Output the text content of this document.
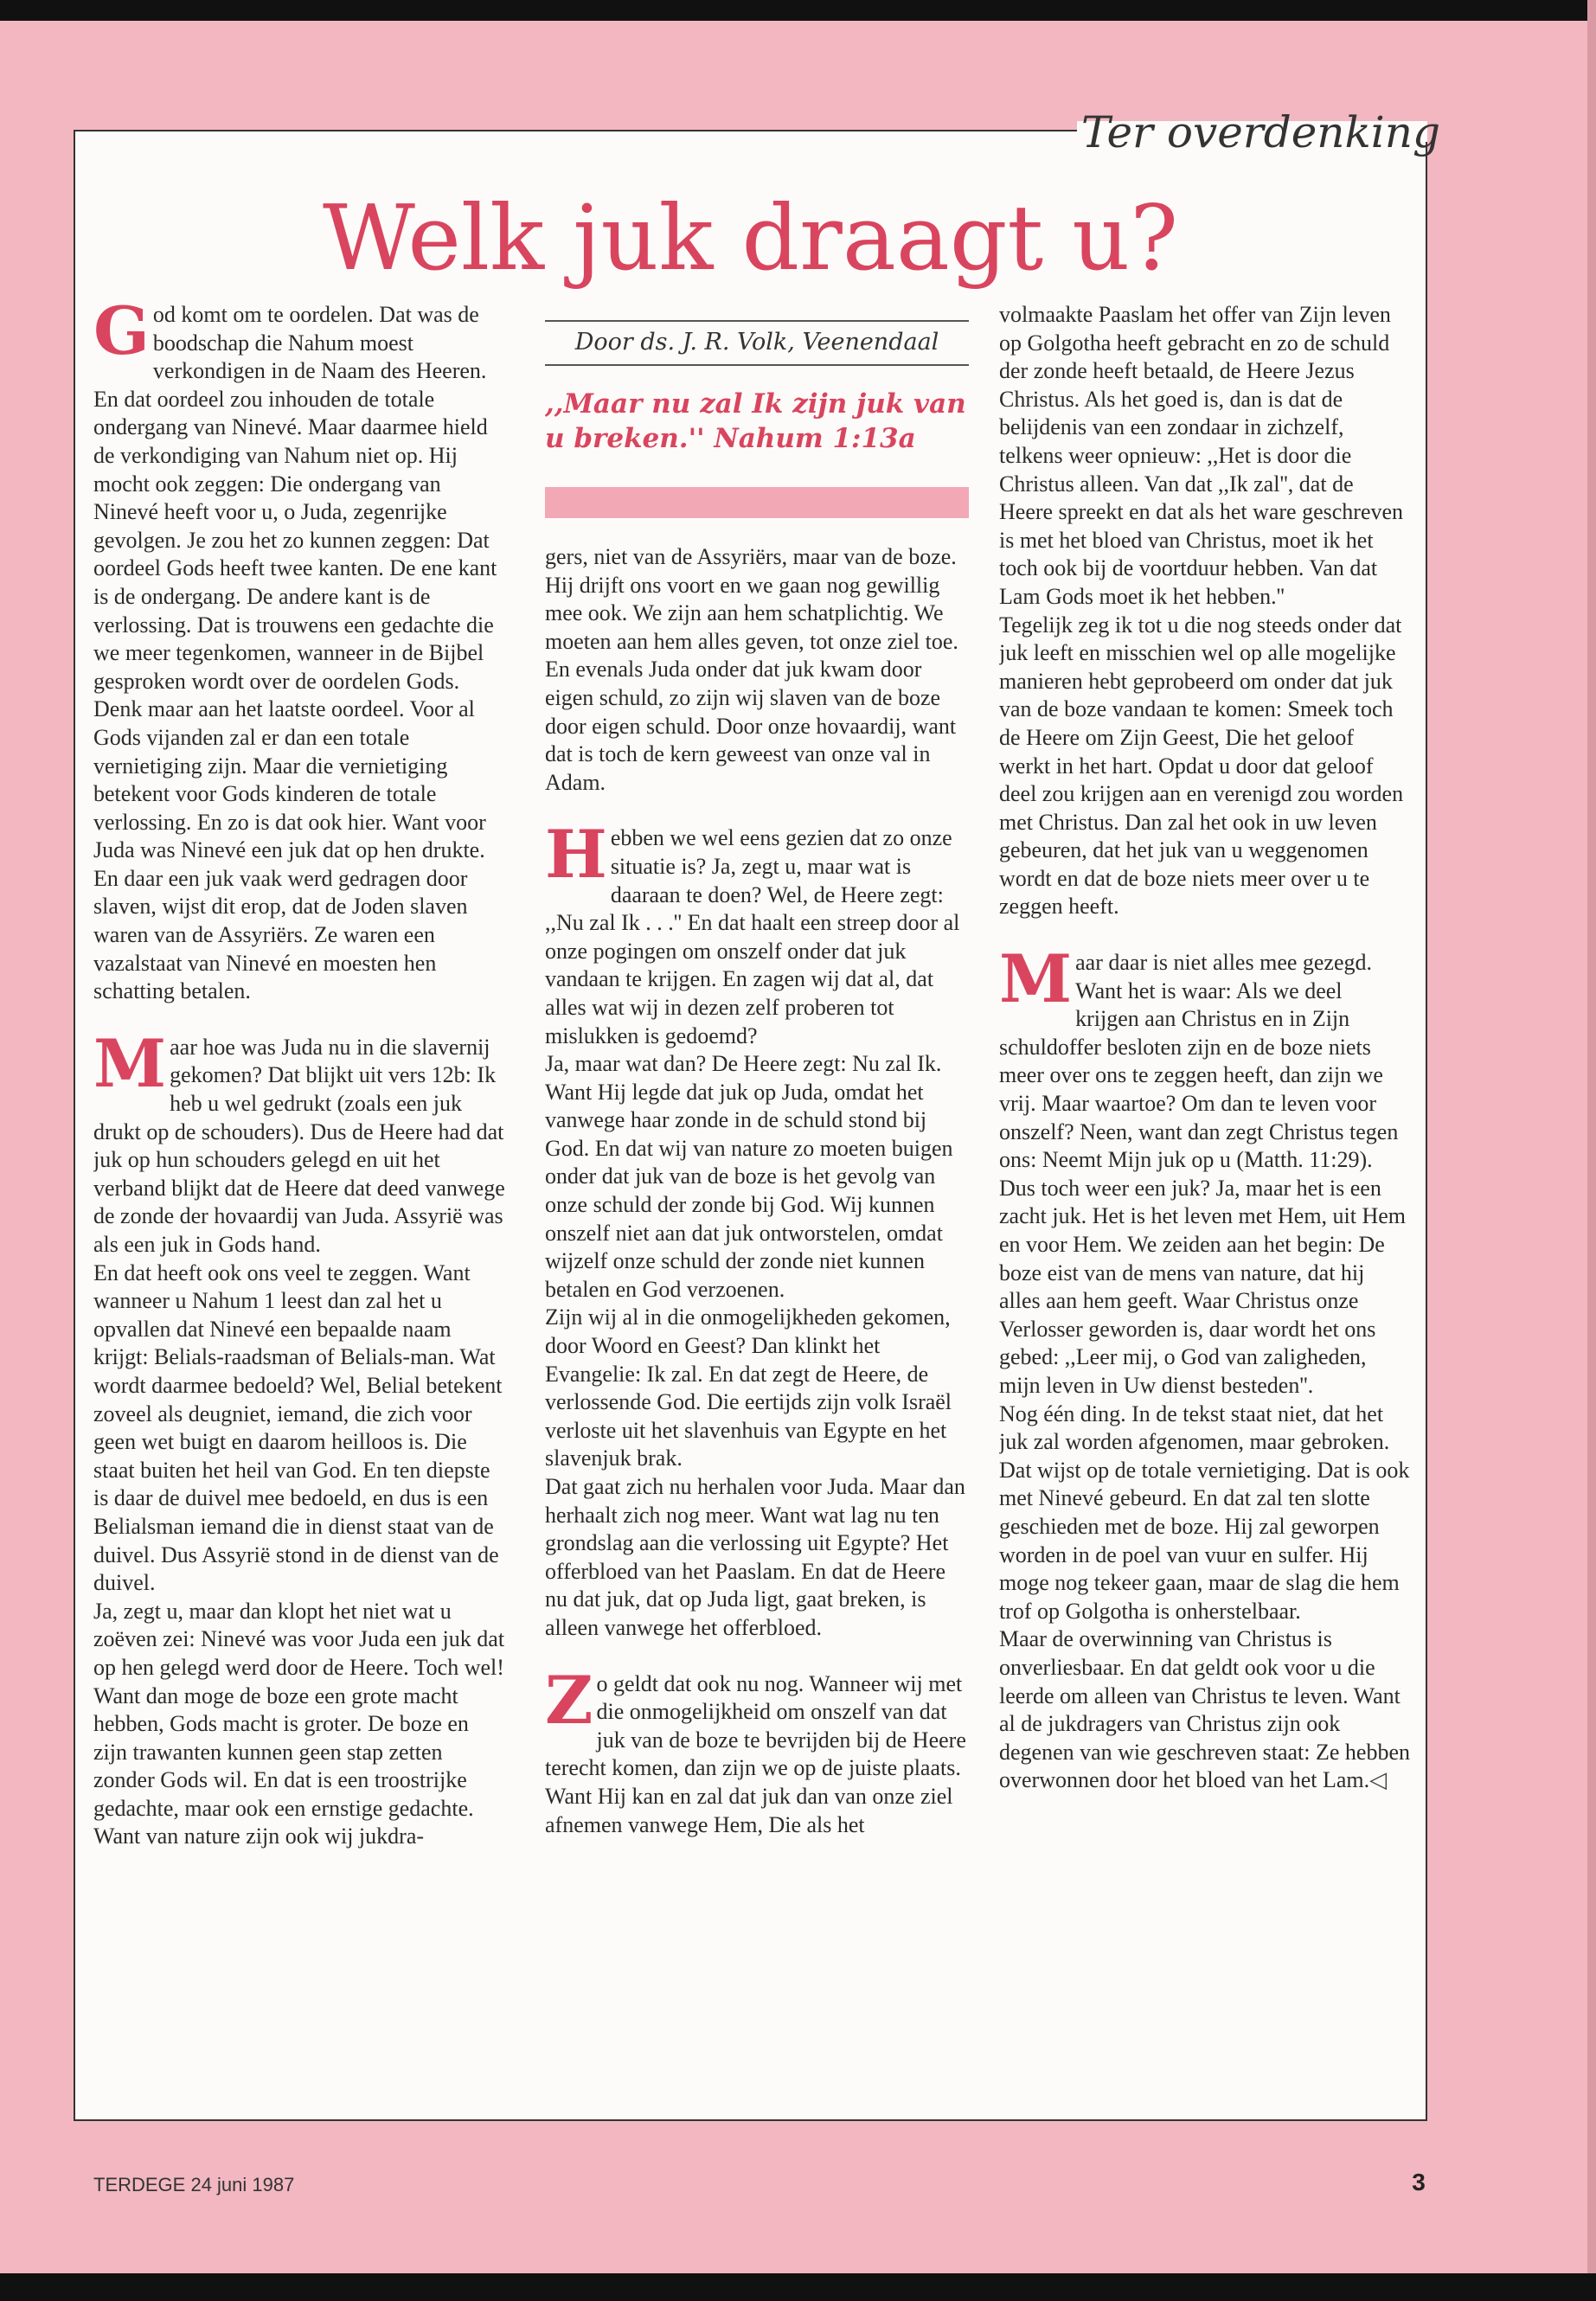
Ter overdenking
Welk juk draagt u?

God komt om te oordelen. Dat was de boodschap die Nahum moest verkondigen in de Naam des Heeren. En dat oordeel zou inhouden de totale ondergang van Ninevé. Maar daarmee hield de verkondiging van Nahum niet op. Hij mocht ook zeggen: Die ondergang van Ninevé heeft voor u, o Juda, zegenrijke gevolgen. Je zou het zo kunnen zeggen: Dat oordeel Gods heeft twee kanten. De ene kant is de ondergang. De andere kant is de verlossing. Dat is trouwens een gedachte die we meer tegenkomen, wanneer in de Bijbel gesproken wordt over de oordelen Gods.

Denk maar aan het laatste oordeel. Voor al Gods vijanden zal er dan een totale vernietiging zijn. Maar die vernietiging betekent voor Gods kinderen de totale verlossing. En zo is dat ook hier. Want voor Juda was Ninevé een juk dat op hen drukte. En daar een juk vaak werd gedragen door slaven, wijst dit erop, dat de Joden slaven waren van de Assyriërs. Ze waren een vazalstaat van Ninevé en moesten hen schatting betalen.

Maar hoe was Juda nu in die slavernij gekomen? Dat blijkt uit vers 12b: Ik heb u wel gedrukt (zoals een juk drukt op de schouders). Dus de Heere had dat juk op hun schouders gelegd en uit het verband blijkt dat de Heere dat deed vanwege de zonde der hovaardij van Juda. Assyrië was als een juk in Gods hand.

En dat heeft ook ons veel te zeggen. Want wanneer u Nahum 1 leest dan zal het u opvallen dat Ninevé een bepaalde naam krijgt: Belials-raadsman of Belials-man. Wat wordt daarmee bedoeld? Wel, Belial betekent zoveel als deugniet, iemand, die zich voor geen wet buigt en daarom heilloos is. Die staat buiten het heil van God. En ten diepste is daar de duivel mee bedoeld, en dus is een Belialsman iemand die in dienst staat van de duivel. Dus Assyrië stond in de dienst van de duivel.

Ja, zegt u, maar dan klopt het niet wat u zoëven zei: Ninevé was voor Juda een juk dat op hen gelegd werd door de Heere. Toch wel! Want dan moge de boze een grote macht hebben, Gods macht is groter. De boze en zijn trawanten kunnen geen stap zetten zonder Gods wil. En dat is een troostrijke gedachte, maar ook een ernstige gedachte.

Want van nature zijn ook wij jukdra-

Door ds. J. R. Volk, Veenendaal
,,Maar nu zal Ik zijn juk van u breken.'' Nahum 1:13a

gers, niet van de Assyriërs, maar van de boze. Hij drijft ons voort en we gaan nog gewillig mee ook. We zijn aan hem schatplichtig. We moeten aan hem alles geven, tot onze ziel toe. En evenals Juda onder dat juk kwam door eigen schuld, zo zijn wij slaven van de boze door eigen schuld. Door onze hovaardij, want dat is toch de kern geweest van onze val in Adam.

Hebben we wel eens gezien dat zo onze situatie is? Ja, zegt u, maar wat is daaraan te doen? Wel, de Heere zegt: ,,Nu zal Ik . . .'' En dat haalt een streep door al onze pogingen om onszelf onder dat juk vandaan te krijgen. En zagen wij dat al, dat alles wat wij in dezen zelf proberen tot mislukken is gedoemd?

Ja, maar wat dan? De Heere zegt: Nu zal Ik. Want Hij legde dat juk op Juda, omdat het vanwege haar zonde in de schuld stond bij God. En dat wij van nature zo moeten buigen onder dat juk van de boze is het gevolg van onze schuld der zonde bij God. Wij kunnen onszelf niet aan dat juk ontworstelen, omdat wijzelf onze schuld der zonde niet kunnen betalen en God verzoenen.

Zijn wij al in die onmogelijkheden gekomen, door Woord en Geest? Dan klinkt het Evangelie: Ik zal. En dat zegt de Heere, de verlossende God. Die eertijds zijn volk Israël verloste uit het slavenhuis van Egypte en het slavenjuk brak.

Dat gaat zich nu herhalen voor Juda. Maar dan herhaalt zich nog meer. Want wat lag nu ten grondslag aan die verlossing uit Egypte? Het offerbloed van het Paaslam. En dat de Heere nu dat juk, dat op Juda ligt, gaat breken, is alleen vanwege het offerbloed.

Zo geldt dat ook nu nog. Wanneer wij met die onmogelijkheid om onszelf van dat juk van de boze te bevrijden bij de Heere terecht komen, dan zijn we op de juiste plaats. Want Hij kan en zal dat juk dan van onze ziel afnemen vanwege Hem, Die als het

volmaakte Paaslam het offer van Zijn leven op Golgotha heeft gebracht en zo de schuld der zonde heeft betaald, de Heere Jezus Christus. Als het goed is, dan is dat de belijdenis van een zondaar in zichzelf, telkens weer opnieuw: ,,Het is door die Christus alleen. Van dat ,,Ik zal'', dat de Heere spreekt en dat als het ware geschreven is met het bloed van Christus, moet ik het toch ook bij de voortduur hebben. Van dat Lam Gods moet ik het hebben.''

Tegelijk zeg ik tot u die nog steeds onder dat juk leeft en misschien wel op alle mogelijke manieren hebt geprobeerd om onder dat juk van de boze vandaan te komen: Smeek toch de Heere om Zijn Geest, Die het geloof werkt in het hart. Opdat u door dat geloof deel zou krijgen aan en verenigd zou worden met Christus. Dan zal het ook in uw leven gebeuren, dat het juk van u weggenomen wordt en dat de boze niets meer over u te zeggen heeft.

Maar daar is niet alles mee gezegd. Want het is waar: Als we deel krijgen aan Christus en in Zijn schuldoffer besloten zijn en de boze niets meer over ons te zeggen heeft, dan zijn we vrij. Maar waartoe? Om dan te leven voor onszelf? Neen, want dan zegt Christus tegen ons: Neemt Mijn juk op u (Matth. 11:29).

Dus toch weer een juk? Ja, maar het is een zacht juk. Het is het leven met Hem, uit Hem en voor Hem. We zeiden aan het begin: De boze eist van de mens van nature, dat hij alles aan hem geeft. Waar Christus onze Verlosser geworden is, daar wordt het ons gebed: ,,Leer mij, o God van zaligheden, mijn leven in Uw dienst besteden''.

Nog één ding. In de tekst staat niet, dat het juk zal worden afgenomen, maar gebroken. Dat wijst op de totale vernietiging. Dat is ook met Ninevé gebeurd. En dat zal ten slotte geschieden met de boze. Hij zal geworpen worden in de poel van vuur en sulfer. Hij moge nog tekeer gaan, maar de slag die hem trof op Golgotha is onherstelbaar.

Maar de overwinning van Christus is onverliesbaar. En dat geldt ook voor u die leerde om alleen van Christus te leven. Want al de jukdragers van Christus zijn ook degenen van wie geschreven staat: Ze hebben overwonnen door het bloed van het Lam.◁

TERDEGE 24 juni 1987	3
